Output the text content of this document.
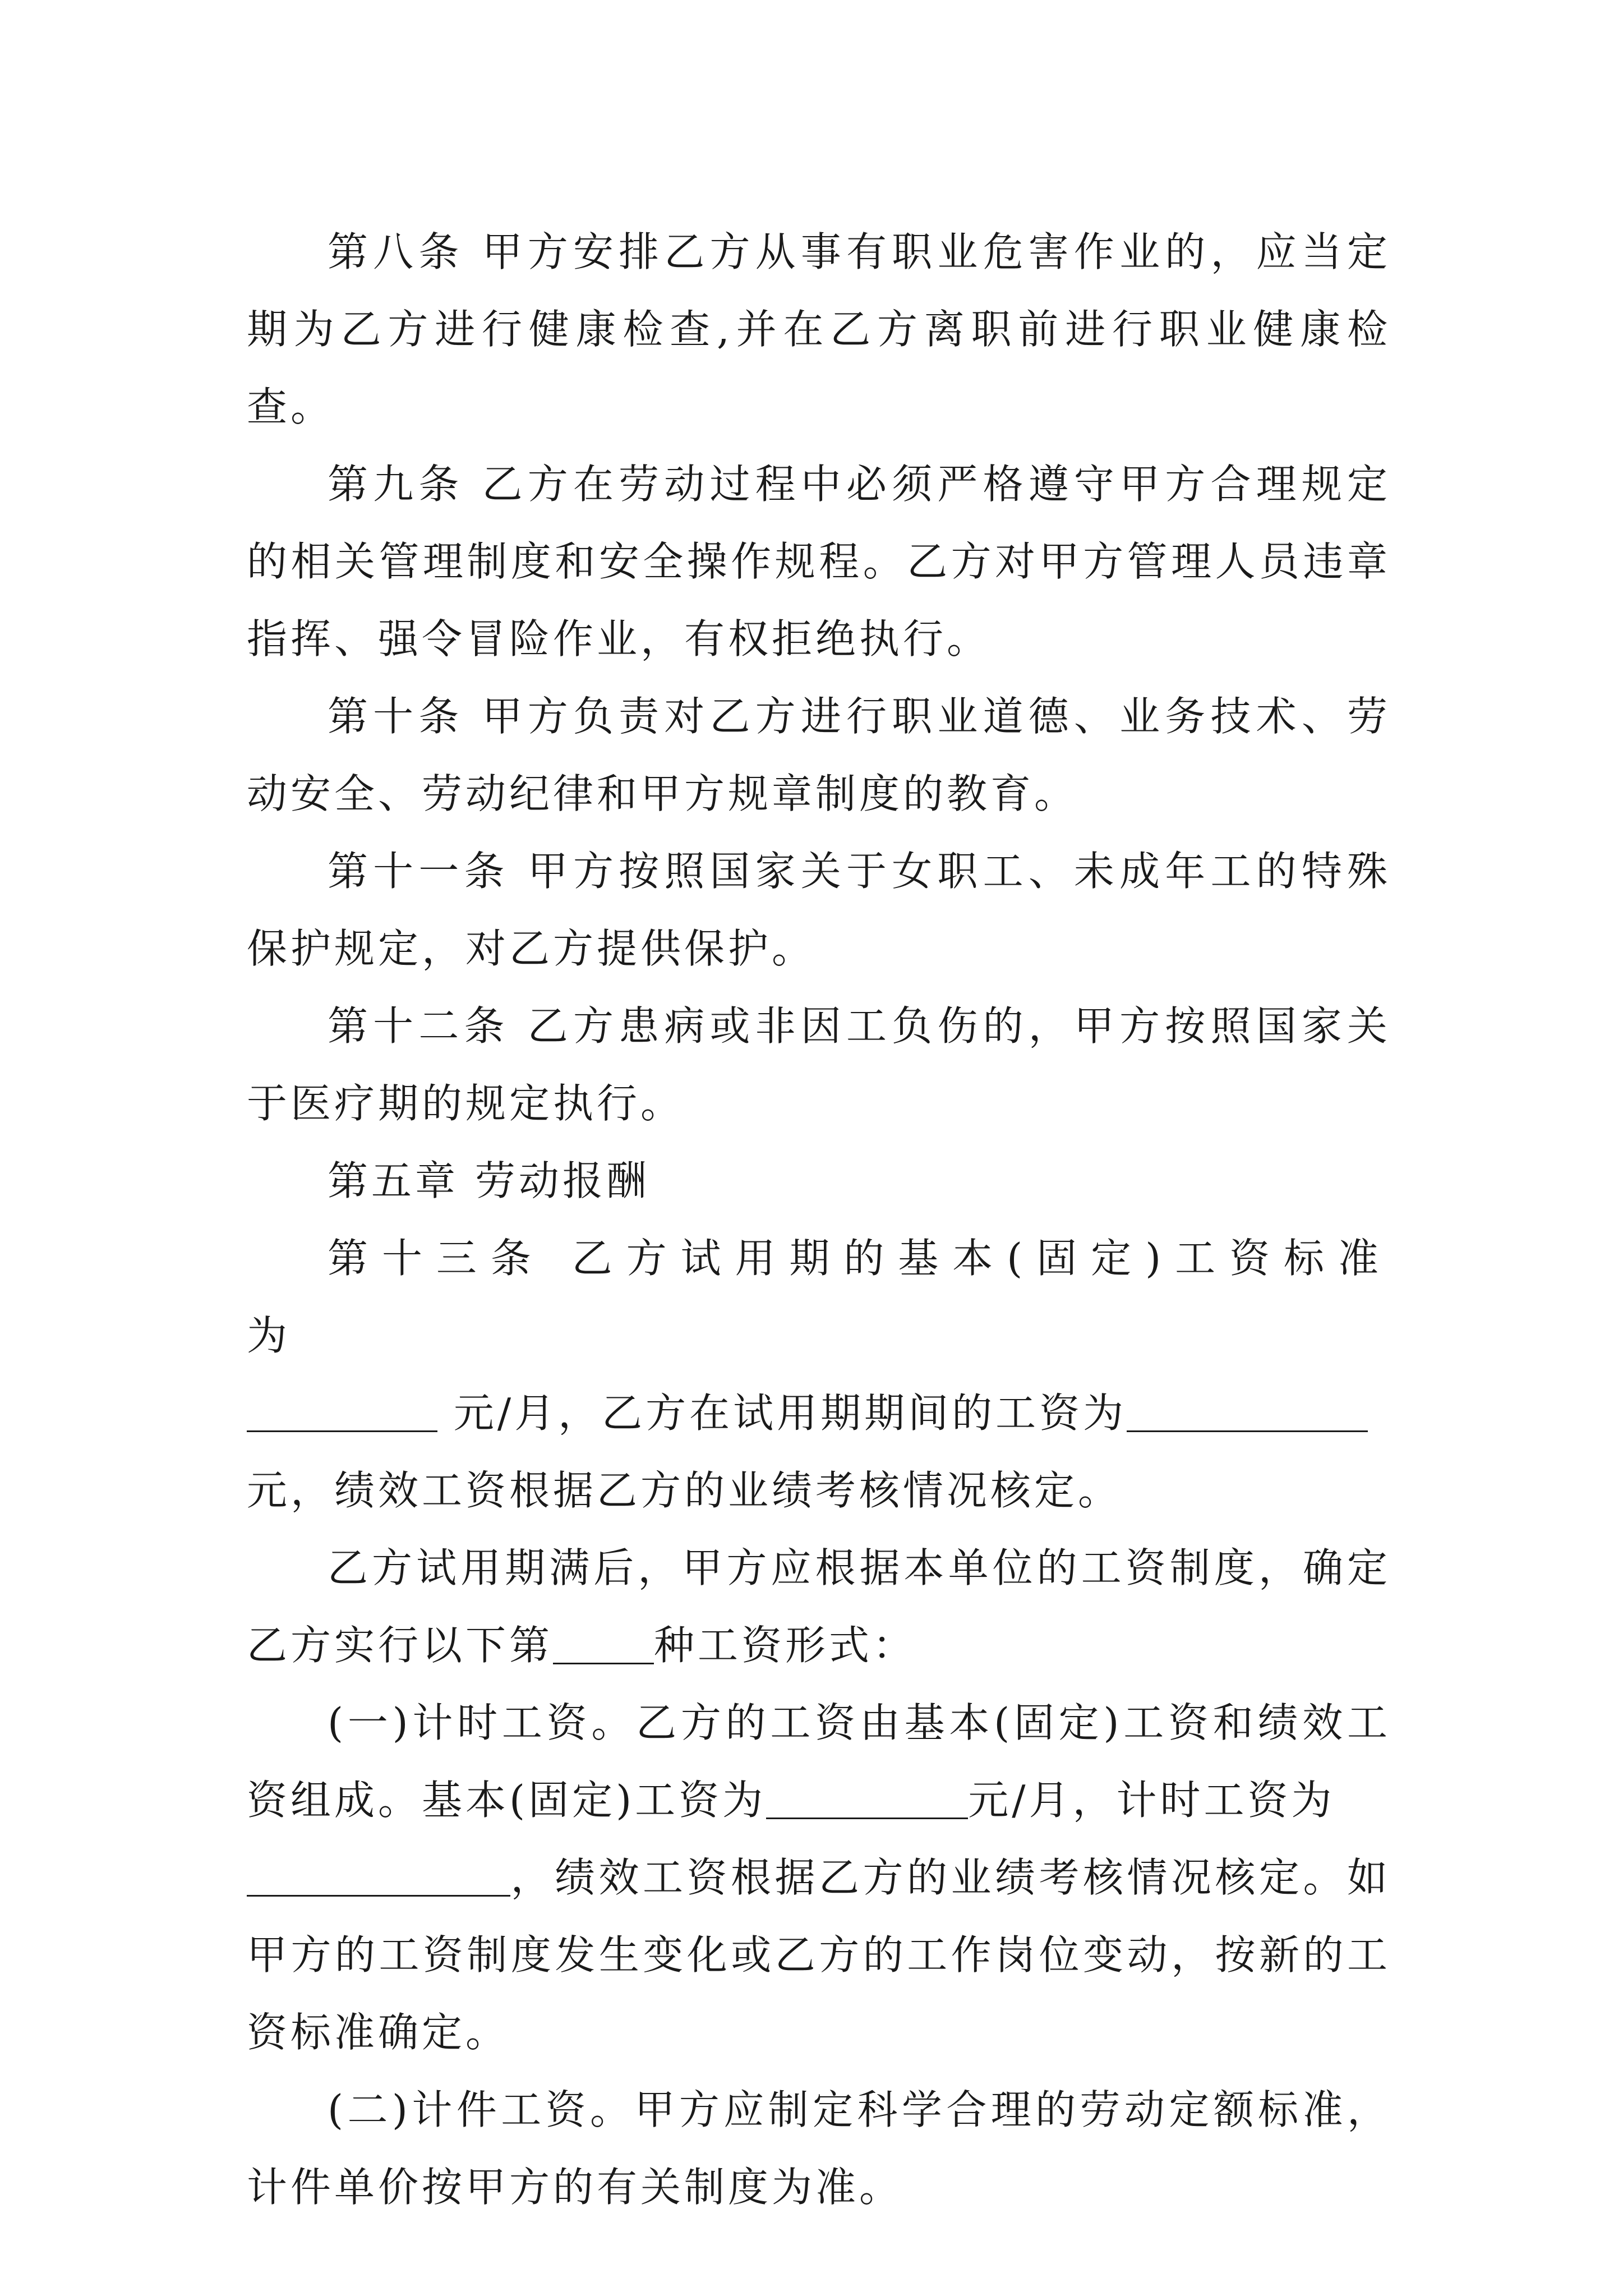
第八条 甲方安排乙方从事有职业危害作业的，应当定期为乙方进行健康检查,并在乙方离职前进行职业健康检查。

第九条 乙方在劳动过程中必须严格遵守甲方合理规定的相关管理制度和安全操作规程。乙方对甲方管理人员违章指挥、强令冒险作业，有权拒绝执行。

第十条 甲方负责对乙方进行职业道德、业务技术、劳动安全、劳动纪律和甲方规章制度的教育。

第十一条 甲方按照国家关于女职工、未成年工的特殊保护规定，对乙方提供保护。

第十二条 乙方患病或非因工负伤的，甲方按照国家关于医疗期的规定执行。

第五章 劳动报酬

第十三条 乙方试用期的基本(固定)工资标准为
元/月，乙方在试用期期间的工资为
元，绩效工资根据乙方的业绩考核情况核定。

乙方试用期满后，甲方应根据本单位的工资制度，确定乙方实行以下第	种工资形式：

(一)计时工资。乙方的工资由基本(固定)工资和绩效工资组成。基本(固定)工资为	元/月，计时工资为
，绩效工资根据乙方的业绩考核情况核定。如甲方的工资制度发生变化或乙方的工作岗位变动，按新的工资标准确定。

(二)计件工资。甲方应制定科学合理的劳动定额标准，计件单价按甲方的有关制度为准。
